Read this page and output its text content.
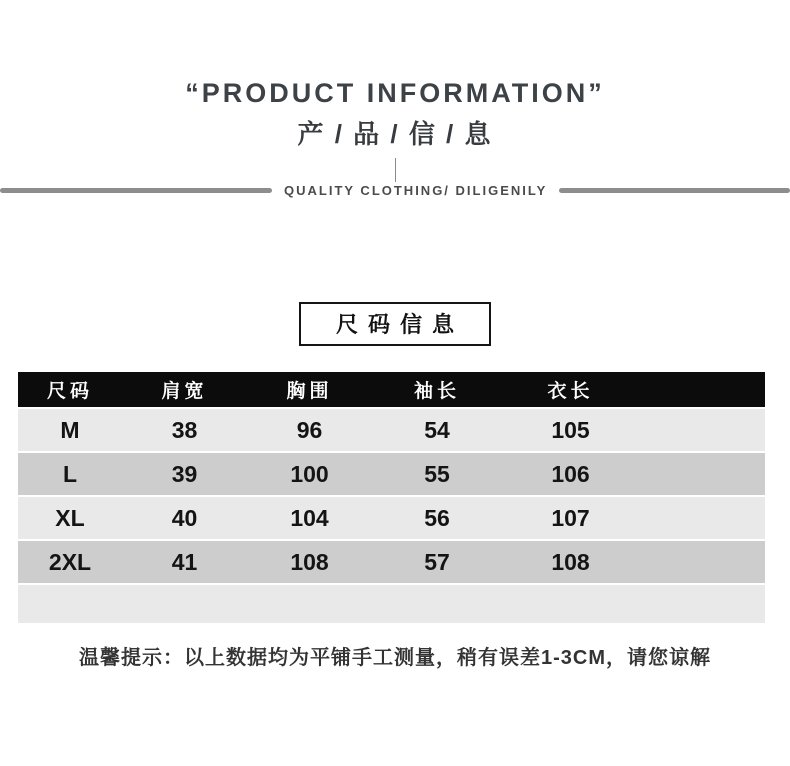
“PRODUCT INFORMATION”
产 / 品 / 信 / 息
QUALITY CLOTHING/ DILIGENILY
尺码信息
尺码	肩宽	胸围	袖长	衣长
M	38	96	54	105
L	39	100	55	106
XL	40	104	56	107
2XL	41	108	57	108

温馨提示：以上数据均为平铺手工测量，稍有误差1-3CM，请您谅解
